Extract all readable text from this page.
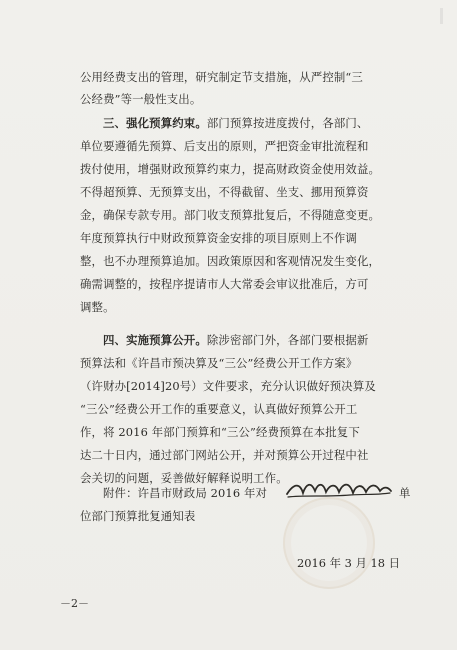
公用经费支出的管理，研究制定节支措施，从严控制“三
公经费”等一般性支出。
三、强化预算约束。部门预算按进度拨付，各部门、
单位要遵循先预算、后支出的原则，严把资金审批流程和
拨付使用，增强财政预算约束力，提高财政资金使用效益。
不得超预算、无预算支出，不得截留、坐支、挪用预算资
金，确保专款专用。部门收支预算批复后，不得随意变更。
年度预算执行中财政预算资金安排的项目原则上不作调
整，也不办理预算追加。因政策原因和客观情况发生变化，
确需调整的，按程序提请市人大常委会审议批准后，方可
调整。
四、实施预算公开。除涉密部门外，各部门要根据新
预算法和《许昌市预决算及“三公”经费公开工作方案》
（许财办[2014]20号）文件要求，充分认识做好预决算及
“三公”经费公开工作的重要意义，认真做好预算公开工
作，将 2016 年部门预算和“三公”经费预算在本批复下
达二十日内，通过部门网站公开，并对预算公开过程中社
会关切的问题，妥善做好解释说明工作。
附件：许昌市财政局 2016 年对	单
位部门预算批复通知表
2016 年 3 月 18 日
－2－
